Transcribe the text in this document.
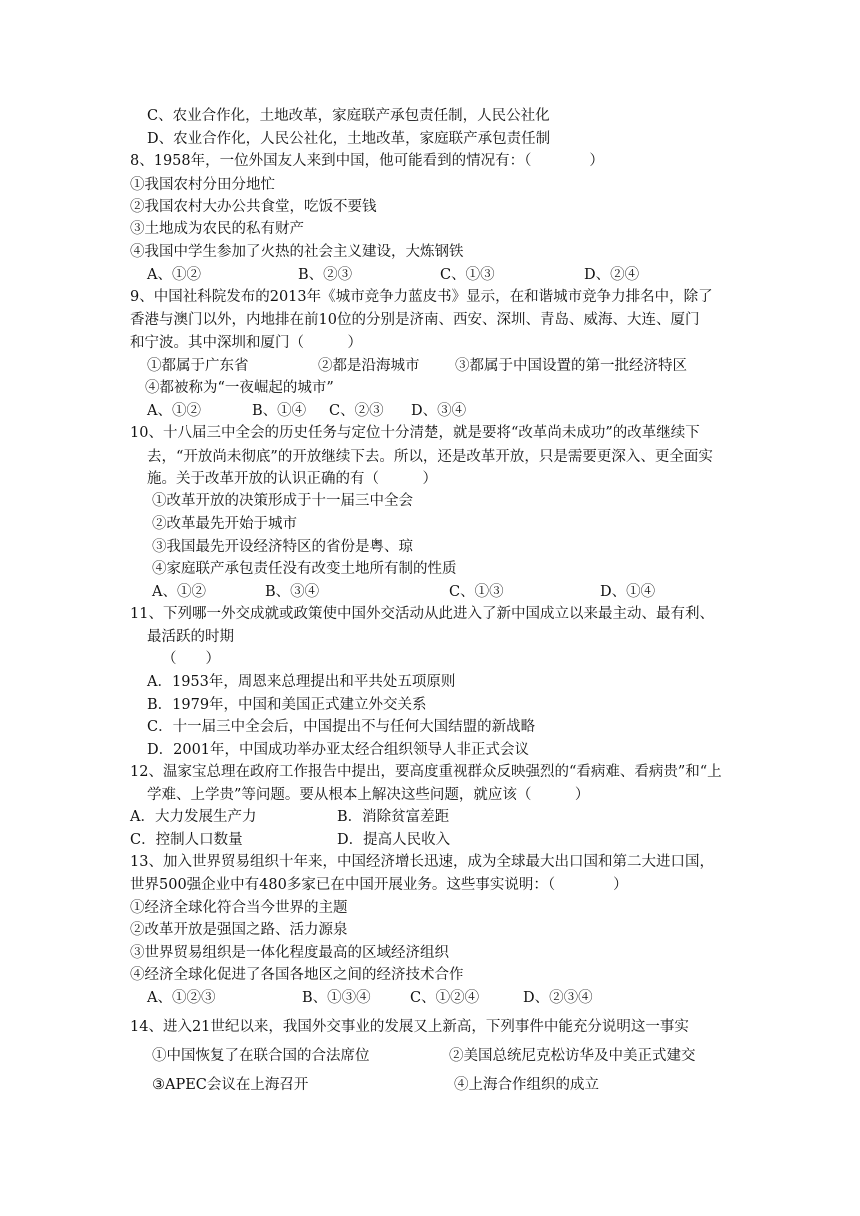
C、农业合作化，土地改革，家庭联产承包责任制，人民公社化
D、农业合作化，人民公社化，土地改革，家庭联产承包责任制
8、1958年，一位外国友人来到中国，他可能看到的情况有：（　　　　）
①我国农村分田分地忙
②我国农村大办公共食堂，吃饭不要钱
③土地成为农民的私有财产
④我国中学生参加了火热的社会主义建设，大炼钢铁
A、①②	B、②③	C、①③	D、②④
9、中国社科院发布的2013年《城市竞争力蓝皮书》显示，在和谐城市竞争力排名中，除了
香港与澳门以外，内地排在前10位的分别是济南、西安、深圳、青岛、威海、大连、厦门
和宁波。其中深圳和厦门（　　　）
①都属于广东省	②都是沿海城市 ③都属于中国设置的第一批经济特区
④都被称为“一夜崛起的城市”
A、①②	B、①④ C、②③ D、③④
10、十八届三中全会的历史任务与定位十分清楚，就是要将“改革尚未成功”的改革继续下
去，“开放尚未彻底”的开放继续下去。所以，还是改革开放，只是需要更深入、更全面实
施。关于改革开放的认识正确的有（　　　）
①改革开放的决策形成于十一届三中全会
②改革最先开始于城市
③我国最先开设经济特区的省份是粤、琼
④家庭联产承包责任没有改变土地所有制的性质
A、①②	B、③④	C、①③	D、①④
11、下列哪一外交成就或政策使中国外交活动从此进入了新中国成立以来最主动、最有利、
最活跃的时期
（　　）
A．1953年，周恩来总理提出和平共处五项原则
B．1979年，中国和美国正式建立外交关系
C．十一届三中全会后，中国提出不与任何大国结盟的新战略
D．2001年，中国成功举办亚太经合组织领导人非正式会议
12、温家宝总理在政府工作报告中提出，要高度重视群众反映强烈的“看病难、看病贵”和“上
学难、上学贵”等问题。要从根本上解决这些问题，就应该（　　　）
A．大力发展生产力	B．消除贫富差距
C．控制人口数量	D．提高人民收入
13、加入世界贸易组织十年来，中国经济增长迅速，成为全球最大出口国和第二大进口国，
世界500强企业中有480多家已在中国开展业务。这些事实说明：（　　　　）
①经济全球化符合当今世界的主题
②改革开放是强国之路、活力源泉
③世界贸易组织是一体化程度最高的区域经济组织
④经济全球化促进了各国各地区之间的经济技术合作
A、①②③	B、①③④	C、①②④	D、②③④
14、进入21世纪以来，我国外交事业的发展又上新高，下列事件中能充分说明这一事实
①中国恢复了在联合国的合法席位	②美国总统尼克松访华及中美正式建交
③APEC会议在上海召开	④上海合作组织的成立
